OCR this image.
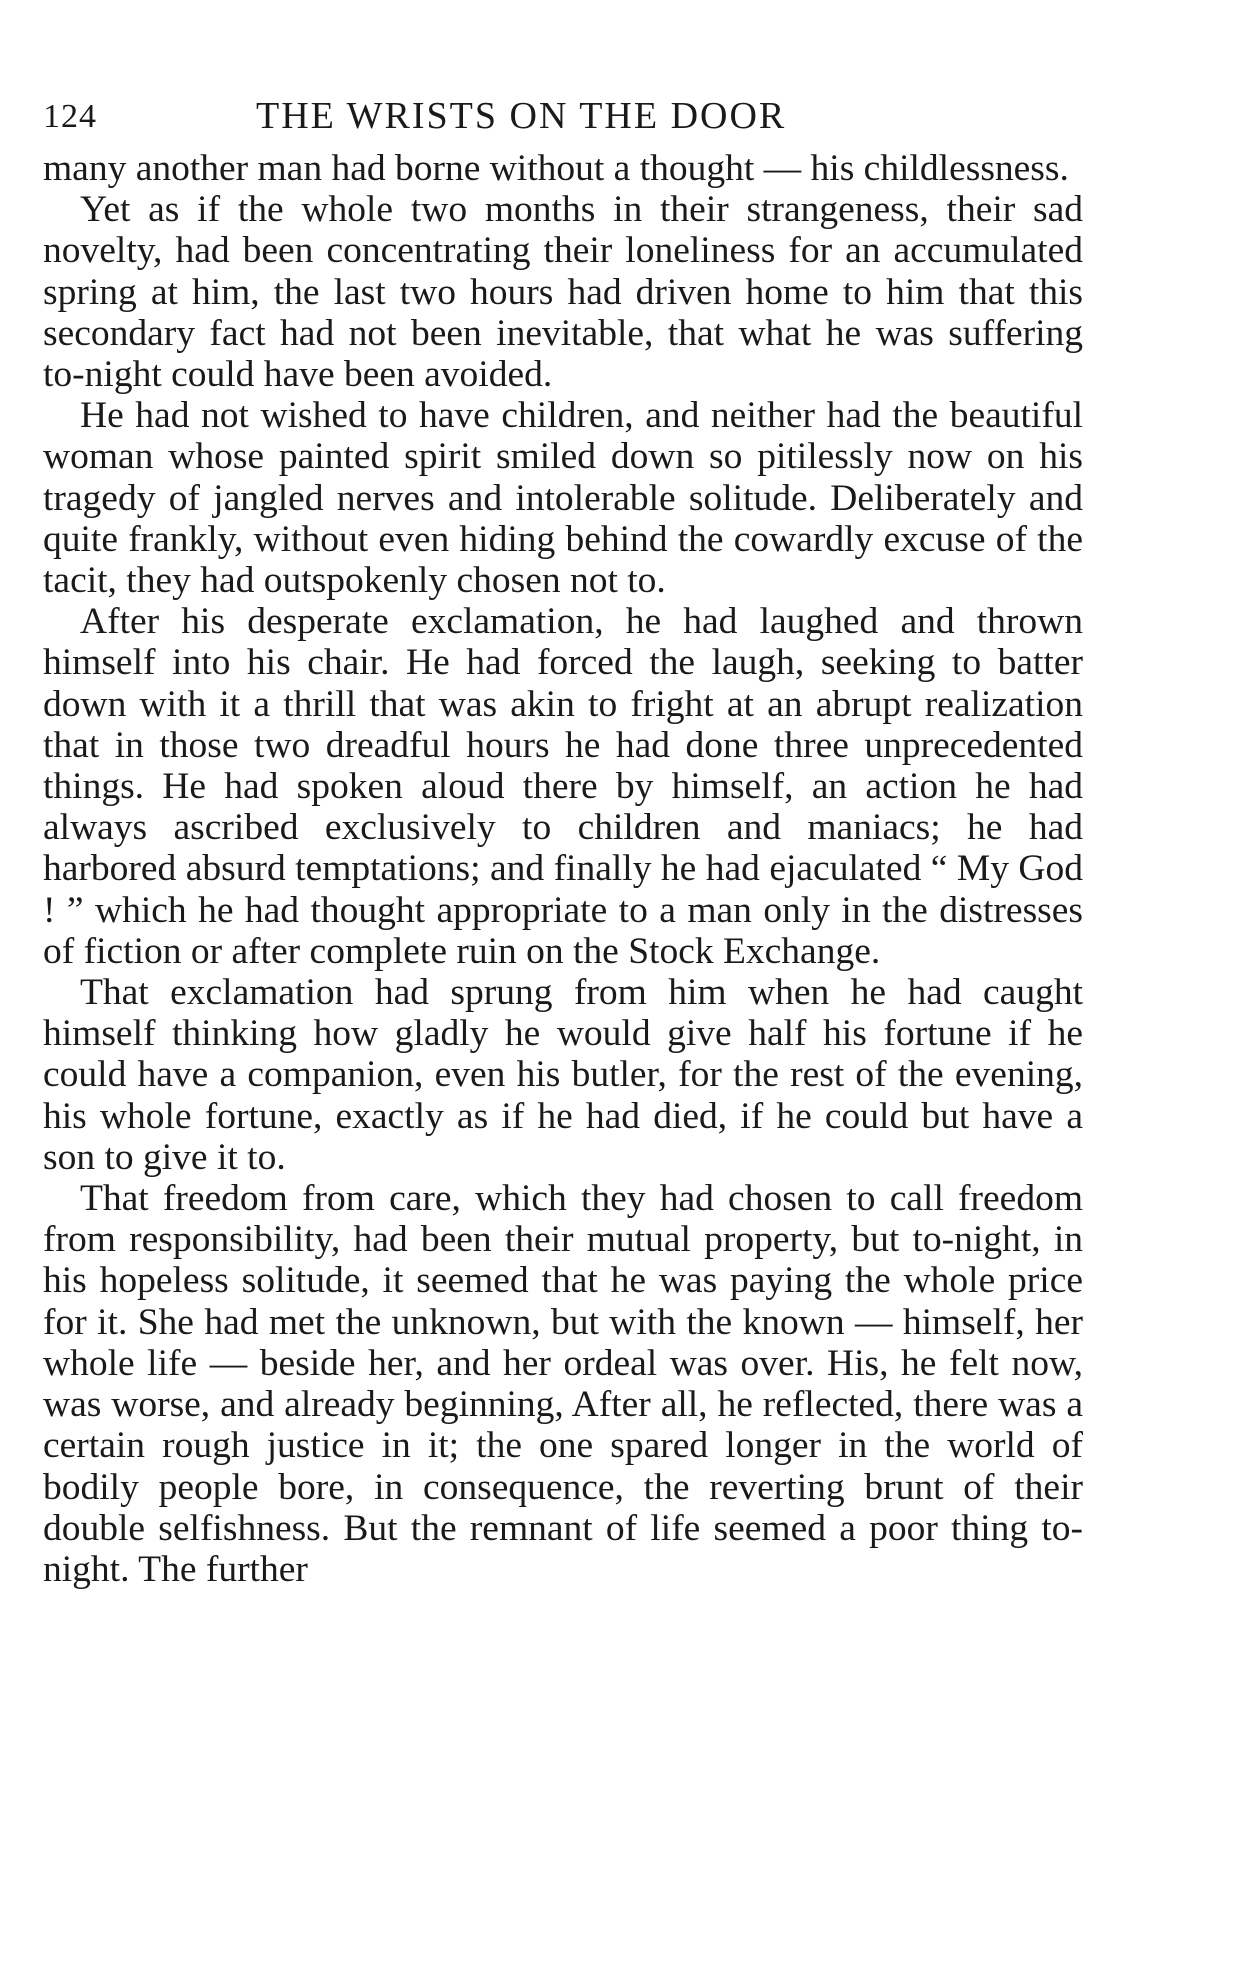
124	THE WRISTS ON THE DOOR

many another man had borne without a thought — his childlessness.

Yet as if the whole two months in their strangeness, their sad novelty, had been concentrating their loneliness for an accumulated spring at him, the last two hours had driven home to him that this secondary fact had not been inevitable, that what he was suffering to-night could have been avoided.

He had not wished to have children, and neither had the beautiful woman whose painted spirit smiled down so pitilessly now on his tragedy of jangled nerves and intolerable solitude. Deliberately and quite frankly, without even hiding behind the cowardly excuse of the tacit, they had outspokenly chosen not to.

After his desperate exclamation, he had laughed and thrown himself into his chair. He had forced the laugh, seeking to batter down with it a thrill that was akin to fright at an abrupt realization that in those two dreadful hours he had done three unprecedented things. He had spoken aloud there by himself, an action he had always ascribed exclusively to children and maniacs; he had harbored absurd temptations; and finally he had ejaculated “ My God ! ” which he had thought appropriate to a man only in the distresses of fiction or after complete ruin on the Stock Exchange.

That exclamation had sprung from him when he had caught himself thinking how gladly he would give half his fortune if he could have a companion, even his butler, for the rest of the evening, his whole fortune, exactly as if he had died, if he could but have a son to give it to.

That freedom from care, which they had chosen to call freedom from responsibility, had been their mutual property, but to-night, in his hopeless solitude, it seemed that he was paying the whole price for it. She had met the unknown, but with the known — himself, her whole life — beside her, and her ordeal was over. His, he felt now, was worse, and already beginning, After all, he reflected, there was a certain rough justice in it; the one spared longer in the world of bodily people bore, in consequence, the reverting brunt of their double selfishness. But the remnant of life seemed a poor thing to-night. The further
